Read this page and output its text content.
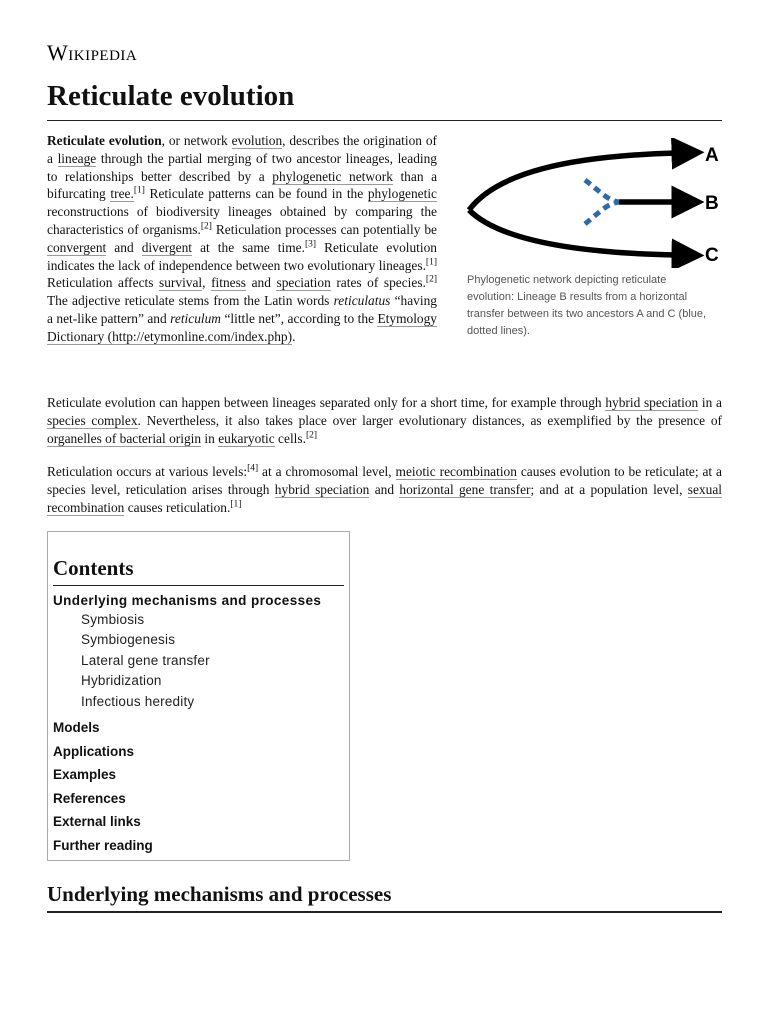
Wikipedia
Reticulate evolution

Reticulate evolution, or network evolution, describes the origination of a lineage through the partial merging of two ancestor lineages, leading to relationships better described by a phylogenetic network than a bifurcating tree.[1] Reticulate patterns can be found in the phylogenetic reconstructions of biodiversity lineages obtained by comparing the characteristics of organisms.[2] Reticulation processes can potentially be convergent and divergent at the same time.[3] Reticulate evolution indicates the lack of independence between two evolutionary lineages.[1] Reticulation affects survival, fitness and speciation rates of species.[2]   The adjective reticulate stems from the Latin words reticulatus “having a net-like pattern” and reticulum “little net”, according to the Etymology Dictionary (http://etymonline.com/index.php).

A
B
C
Phylogenetic network depicting reticulate evolution: Lineage B results from a horizontal transfer between its two ancestors A and C (blue, dotted lines).

Reticulate evolution can happen between lineages separated only for a short time, for example through hybrid speciation in a species complex. Nevertheless, it also takes place over larger evolutionary distances, as exemplified by the presence of organelles of bacterial origin in eukaryotic cells.[2]

Reticulation occurs at various levels:[4] at a chromosomal level, meiotic recombination causes evolution to be reticulate; at a species level, reticulation arises through hybrid speciation and horizontal gene transfer; and at a population level, sexual recombination causes reticulation.[1]

Contents
Underlying mechanisms and processes
Symbiosis
Symbiogenesis
Lateral gene transfer
Hybridization
Infectious heredity
Models
Applications
Examples
References
External links
Further reading
Underlying mechanisms and processes
